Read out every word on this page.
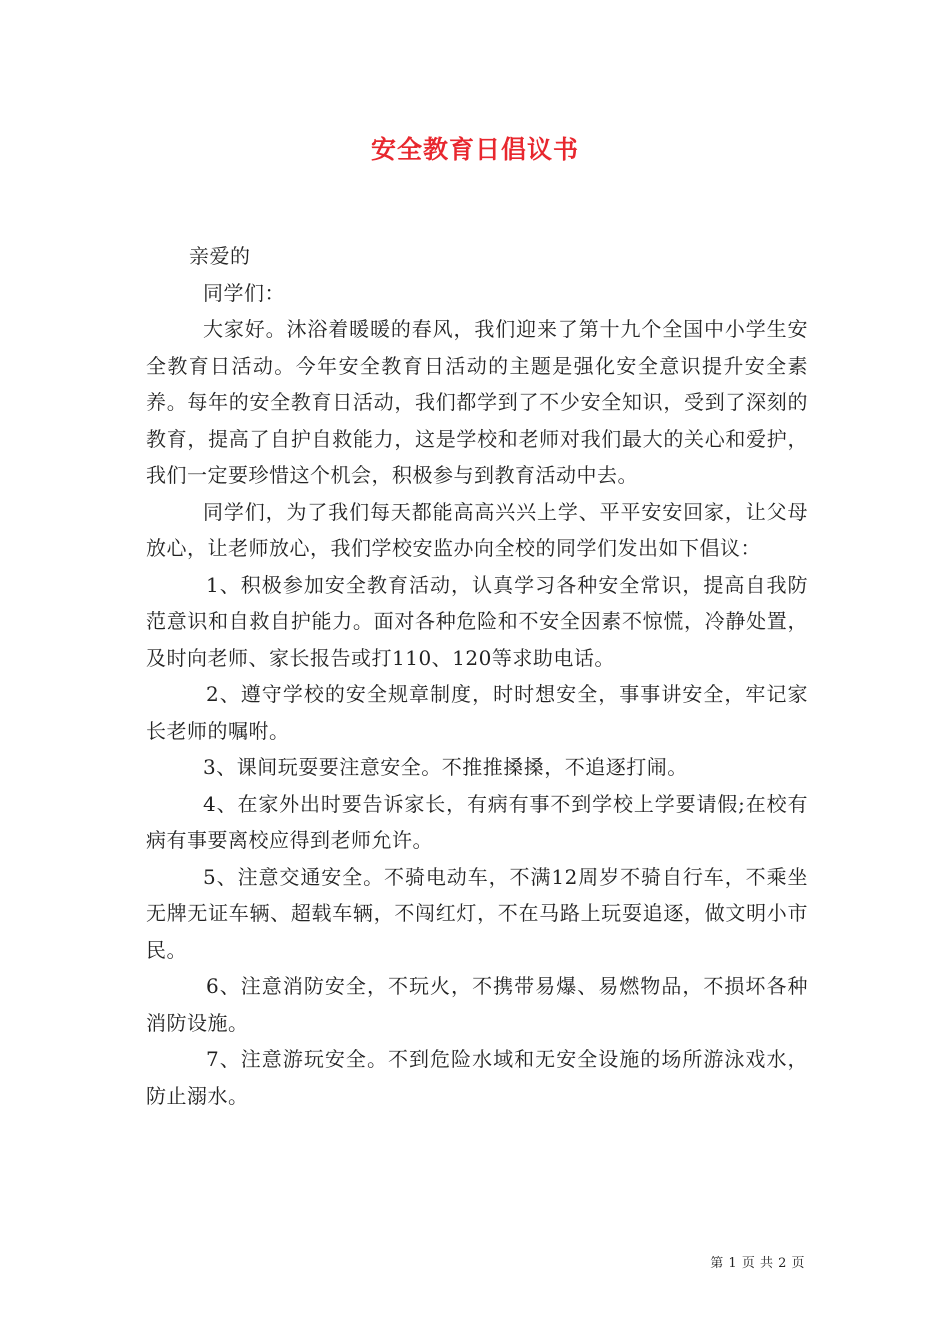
安全教育日倡议书

亲爱的

同学们：

大家好。沐浴着暖暖的春风，我们迎来了第十九个全国中小学生安全教育日活动。今年安全教育日活动的主题是强化安全意识提升安全素养。每年的安全教育日活动，我们都学到了不少安全知识，受到了深刻的教育，提高了自护自救能力，这是学校和老师对我们最大的关心和爱护，我们一定要珍惜这个机会，积极参与到教育活动中去。

同学们，为了我们每天都能高高兴兴上学、平平安安回家，让父母放心，让老师放心，我们学校安监办向全校的同学们发出如下倡议：

1、积极参加安全教育活动，认真学习各种安全常识，提高自我防范意识和自救自护能力。面对各种危险和不安全因素不惊慌，冷静处置，及时向老师、家长报告或打110、120等求助电话。

2、遵守学校的安全规章制度，时时想安全，事事讲安全，牢记家长老师的嘱咐。

3、课间玩耍要注意安全。不推推搡搡，不追逐打闹。

4、在家外出时要告诉家长，有病有事不到学校上学要请假;在校有病有事要离校应得到老师允许。

5、注意交通安全。不骑电动车，不满12周岁不骑自行车，不乘坐无牌无证车辆、超载车辆，不闯红灯，不在马路上玩耍追逐，做文明小市民。

6、注意消防安全，不玩火，不携带易爆、易燃物品，不损坏各种消防设施。

7、注意游玩安全。不到危险水域和无安全设施的场所游泳戏水，防止溺水。

第 1 页 共 2 页
